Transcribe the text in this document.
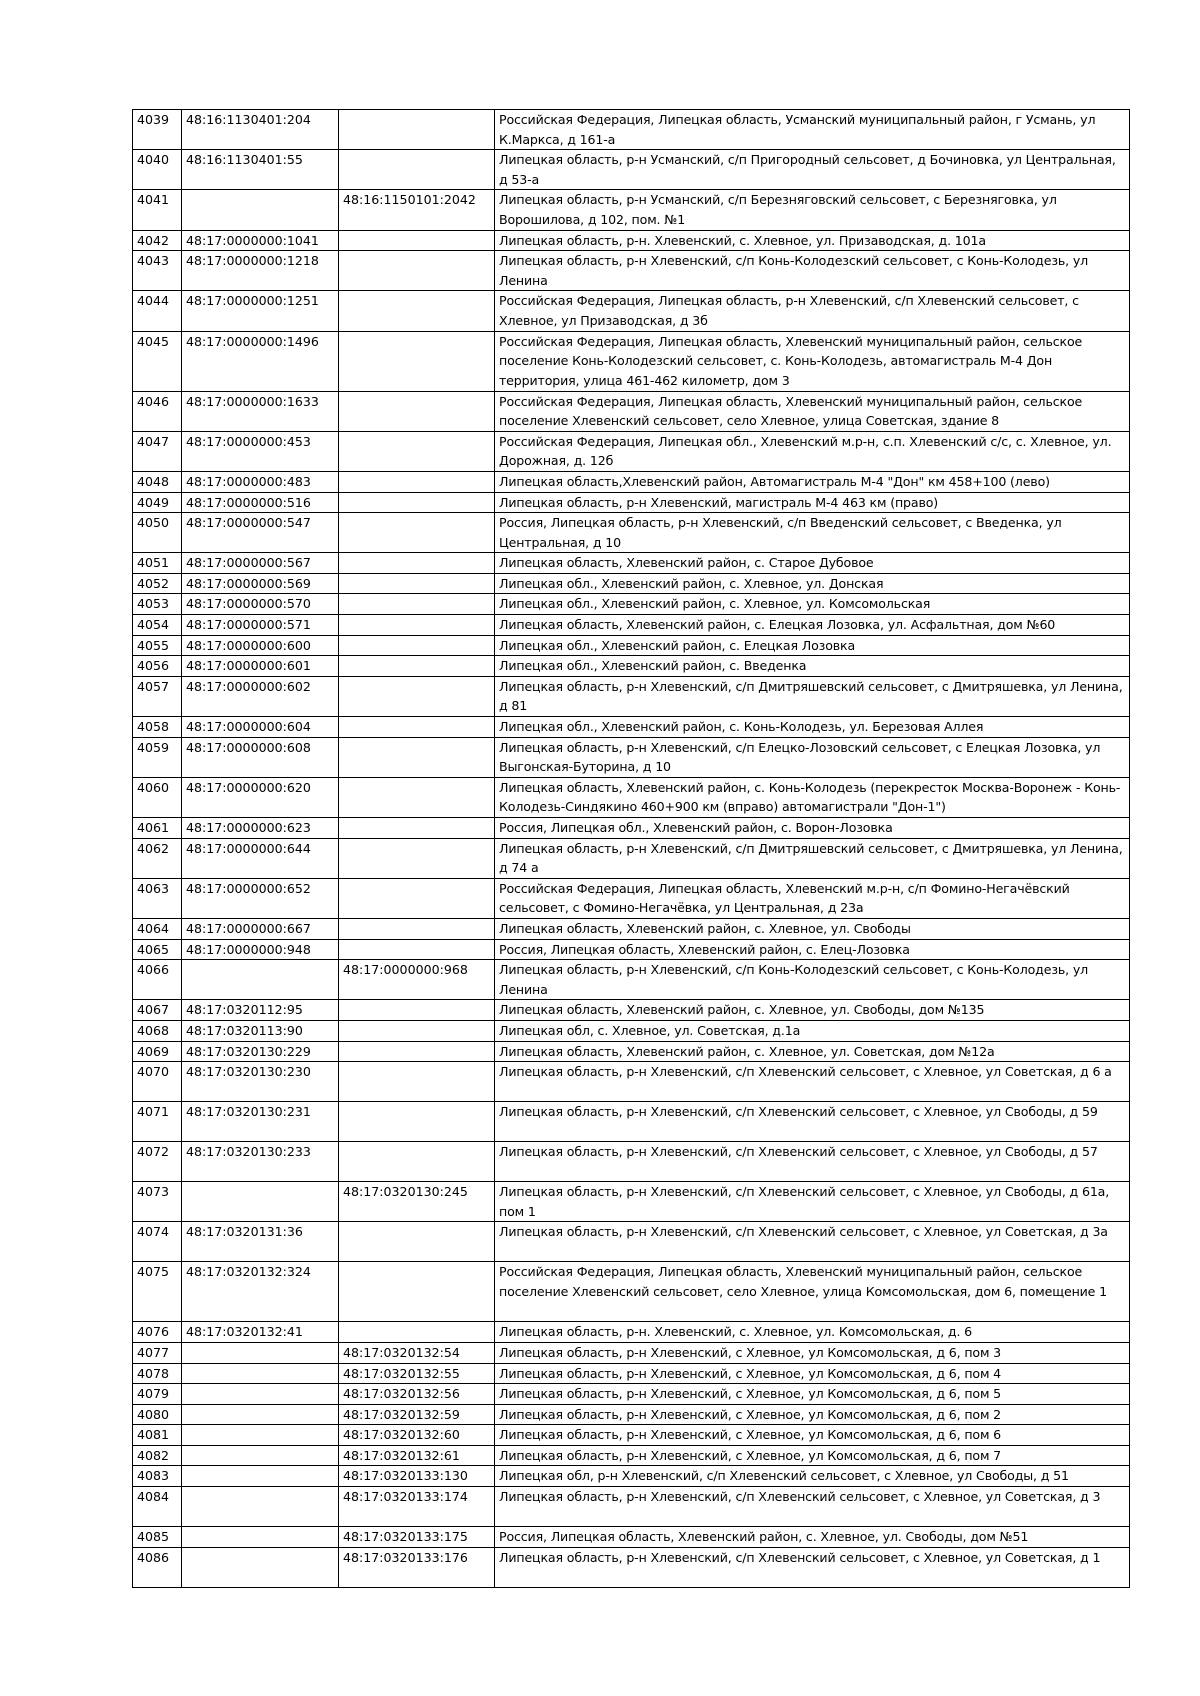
4039	48:16:1130401:204		Российская Федерация, Липецкая область, Усманский муниципальный район, г Усмань, ул К.Маркса, д 161-а
4040	48:16:1130401:55		Липецкая область, р-н Усманский, с/п Пригородный сельсовет, д Бочиновка, ул Центральная, д 53-а
4041		48:16:1150101:2042	Липецкая область, р-н Усманский, с/п Березняговский сельсовет, с Березняговка, ул Ворошилова, д 102, пом. №1
4042	48:17:0000000:1041		Липецкая область, р-н. Хлевенский, с. Хлевное, ул. Призаводская, д. 101а
4043	48:17:0000000:1218		Липецкая область, р-н Хлевенский, с/п Конь-Колодезский сельсовет, с Конь-Колодезь, ул Ленина
4044	48:17:0000000:1251		Российская Федерация, Липецкая область, р-н Хлевенский, с/п Хлевенский сельсовет, с Хлевное, ул Призаводская, д 3б
4045	48:17:0000000:1496		Российская Федерация, Липецкая область, Хлевенский муниципальный район, сельское поселение Конь-Колодезский сельсовет, с. Конь-Колодезь, автомагистраль М-4 Дон территория, улица 461-462 километр, дом 3
4046	48:17:0000000:1633		Российская Федерация, Липецкая область, Хлевенский муниципальный район, сельское поселение Хлевенский сельсовет, село Хлевное, улица Советская, здание 8
4047	48:17:0000000:453		Российская Федерация, Липецкая обл., Хлевенский м.р-н, с.п. Хлевенский с/с, с. Хлевное, ул. Дорожная, д. 12б
4048	48:17:0000000:483		Липецкая область,Хлевенский район, Автомагистраль М-4 "Дон" км 458+100 (лево)
4049	48:17:0000000:516		Липецкая область, р-н Хлевенский, магистраль М-4 463 км (право)
4050	48:17:0000000:547		Россия, Липецкая область, р-н Хлевенский, с/п Введенский сельсовет, с Введенка, ул Центральная, д 10
4051	48:17:0000000:567		Липецкая область, Хлевенский район, с. Старое Дубовое
4052	48:17:0000000:569		Липецкая обл., Хлевенский район, с. Хлевное, ул. Донская
4053	48:17:0000000:570		Липецкая обл., Хлевенский район, с. Хлевное, ул. Комсомольская
4054	48:17:0000000:571		Липецкая область, Хлевенский район, с. Елецкая Лозовка, ул. Асфальтная, дом №60
4055	48:17:0000000:600		Липецкая обл., Хлевенский район, с. Елецкая Лозовка
4056	48:17:0000000:601		Липецкая обл., Хлевенский район, с. Введенка
4057	48:17:0000000:602		Липецкая область, р-н Хлевенский, с/п Дмитряшевский сельсовет, с Дмитряшевка, ул Ленина, д 81
4058	48:17:0000000:604		Липецкая обл., Хлевенский район, с. Конь-Колодезь, ул. Березовая Аллея
4059	48:17:0000000:608		Липецкая область, р-н Хлевенский, с/п Елецко-Лозовский сельсовет, с Елецкая Лозовка, ул Выгонская-Буторина, д 10
4060	48:17:0000000:620		Липецкая область, Хлевенский район, с. Конь-Колодезь (перекресток Москва-Воронеж - Конь-Колодезь-Синдякино 460+900 км (вправо) автомагистрали "Дон-1")
4061	48:17:0000000:623		Россия, Липецкая обл., Хлевенский район, с. Ворон-Лозовка
4062	48:17:0000000:644		Липецкая область, р-н Хлевенский, с/п Дмитряшевский сельсовет, с Дмитряшевка, ул Ленина, д 74 а
4063	48:17:0000000:652		Российская Федерация, Липецкая область, Хлевенский м.р-н, с/п Фомино-Негачёвский сельсовет, с Фомино-Негачёвка, ул Центральная, д 23а
4064	48:17:0000000:667		Липецкая область, Хлевенский район, с. Хлевное, ул. Свободы
4065	48:17:0000000:948		Россия, Липецкая область, Хлевенский район, с. Елец-Лозовка
4066		48:17:0000000:968	Липецкая область, р-н Хлевенский, с/п Конь-Колодезский сельсовет, с Конь-Колодезь, ул Ленина
4067	48:17:0320112:95		Липецкая область, Хлевенский район, с. Хлевное, ул. Свободы, дом №135
4068	48:17:0320113:90		Липецкая обл, с. Хлевное, ул. Советская, д.1а
4069	48:17:0320130:229		Липецкая область, Хлевенский район, с. Хлевное, ул. Советская, дом №12а
4070	48:17:0320130:230		Липецкая область, р-н Хлевенский, с/п Хлевенский сельсовет, с Хлевное, ул Советская, д 6 а
4071	48:17:0320130:231		Липецкая область, р-н Хлевенский, с/п Хлевенский сельсовет, с Хлевное, ул Свободы, д 59
4072	48:17:0320130:233		Липецкая область, р-н Хлевенский, с/п Хлевенский сельсовет, с Хлевное, ул Свободы, д 57
4073		48:17:0320130:245	Липецкая область, р-н Хлевенский, с/п Хлевенский сельсовет, с Хлевное, ул Свободы, д 61а, пом 1
4074	48:17:0320131:36		Липецкая область, р-н Хлевенский, с/п Хлевенский сельсовет, с Хлевное, ул Советская, д 3а
4075	48:17:0320132:324		Российская Федерация, Липецкая область, Хлевенский муниципальный район, сельское поселение Хлевенский сельсовет, село Хлевное, улица Комсомольская, дом 6, помещение 1
4076	48:17:0320132:41		Липецкая область, р-н. Хлевенский, с. Хлевное, ул. Комсомольская, д. 6
4077		48:17:0320132:54	Липецкая область, р-н Хлевенский, с Хлевное, ул Комсомольская, д 6, пом 3
4078		48:17:0320132:55	Липецкая область, р-н Хлевенский, с Хлевное, ул Комсомольская, д 6, пом 4
4079		48:17:0320132:56	Липецкая область, р-н Хлевенский, с Хлевное, ул Комсомольская, д 6, пом 5
4080		48:17:0320132:59	Липецкая область, р-н Хлевенский, с Хлевное, ул Комсомольская, д 6, пом 2
4081		48:17:0320132:60	Липецкая область, р-н Хлевенский, с Хлевное, ул Комсомольская, д 6, пом 6
4082		48:17:0320132:61	Липецкая область, р-н Хлевенский, с Хлевное, ул Комсомольская, д 6, пом 7
4083		48:17:0320133:130	Липецкая обл, р-н Хлевенский, с/п Хлевенский сельсовет, с Хлевное, ул Свободы, д 51
4084		48:17:0320133:174	Липецкая область, р-н Хлевенский, с/п Хлевенский сельсовет, с Хлевное, ул Советская, д 3
4085		48:17:0320133:175	Россия, Липецкая область, Хлевенский район, с. Хлевное, ул. Свободы, дом №51
4086		48:17:0320133:176	Липецкая область, р-н Хлевенский, с/п Хлевенский сельсовет, с Хлевное, ул Советская, д 1
